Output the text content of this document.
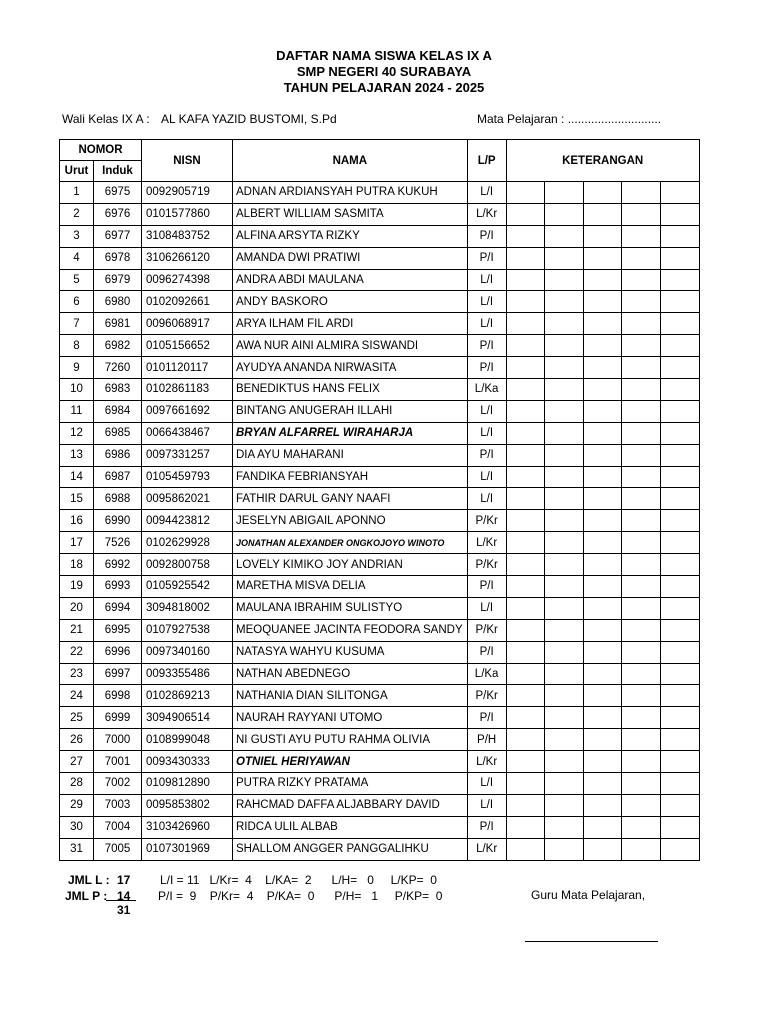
DAFTAR NAMA SISWA KELAS IX A
SMP NEGERI 40 SURABAYA
TAHUN PELAJARAN 2024 - 2025
Wali Kelas IX A : AL KAFA YAZID BUSTOMI, S.Pd	Mata Pelajaran : ............................
NOMOR		NISN	NAMA	L/P	KETERANGAN				
Urut	Induk								
1	6975	0092905719	ADNAN ARDIANSYAH PUTRA KUKUH	L/I					
2	6976	0101577860	ALBERT WILLIAM SASMITA	L/Kr					
3	6977	3108483752	ALFINA ARSYTA RIZKY	P/I					
4	6978	3106266120	AMANDA DWI PRATIWI	P/I					
5	6979	0096274398	ANDRA ABDI MAULANA	L/I					
6	6980	0102092661	ANDY BASKORO	L/I					
7	6981	0096068917	ARYA ILHAM FIL ARDI	L/I					
8	6982	0105156652	AWA NUR AINI ALMIRA SISWANDI	P/I					
9	7260	0101120117	AYUDYA ANANDA NIRWASITA	P/I					
10	6983	0102861183	BENEDIKTUS HANS FELIX	L/Ka					
11	6984	0097661692	BINTANG ANUGERAH ILLAHI	L/I					
12	6985	0066438467	BRYAN ALFARREL WIRAHARJA	L/I					
13	6986	0097331257	DIA AYU MAHARANI	P/I					
14	6987	0105459793	FANDIKA FEBRIANSYAH	L/I					
15	6988	0095862021	FATHIR DARUL GANY NAAFI	L/I					
16	6990	0094423812	JESELYN ABIGAIL APONNO	P/Kr					
17	7526	0102629928	JONATHAN ALEXANDER ONGKOJOYO WINOTO	L/Kr					
18	6992	0092800758	LOVELY KIMIKO JOY ANDRIAN	P/Kr					
19	6993	0105925542	MARETHA MISVA DELIA	P/I					
20	6994	3094818002	MAULANA IBRAHIM SULISTYO	L/I					
21	6995	0107927538	MEOQUANEE JACINTA FEODORA SANDY	P/Kr					
22	6996	0097340160	NATASYA WAHYU KUSUMA	P/I					
23	6997	0093355486	NATHAN ABEDNEGO	L/Ka					
24	6998	0102869213	NATHANIA DIAN SILITONGA	P/Kr					
25	6999	3094906514	NAURAH RAYYANI UTOMO	P/I					
26	7000	0108999048	NI GUSTI AYU PUTU RAHMA OLIVIA	P/H					
27	7001	0093430333	OTNIEL HERIYAWAN	L/Kr					
28	7002	0109812890	PUTRA RIZKY PRATAMA	L/I					
29	7003	0095853802	RAHCMAD DAFFA ALJABBARY DAVID	L/I					
30	7004	3103426960	RIDCA ULIL ALBAB	P/I					
31	7005	0107301969	SHALLOM ANGGER PANGGALIHKU	L/Kr					
JML L : 17
JML P : 14
31
L/I = 11   L/Kr=  4    L/KA=  2      L/H=   0     L/KP=  0
P/I =  9    P/Kr=  4    P/KA=  0      P/H=   1     P/KP=  0	Guru Mata Pelajaran,
